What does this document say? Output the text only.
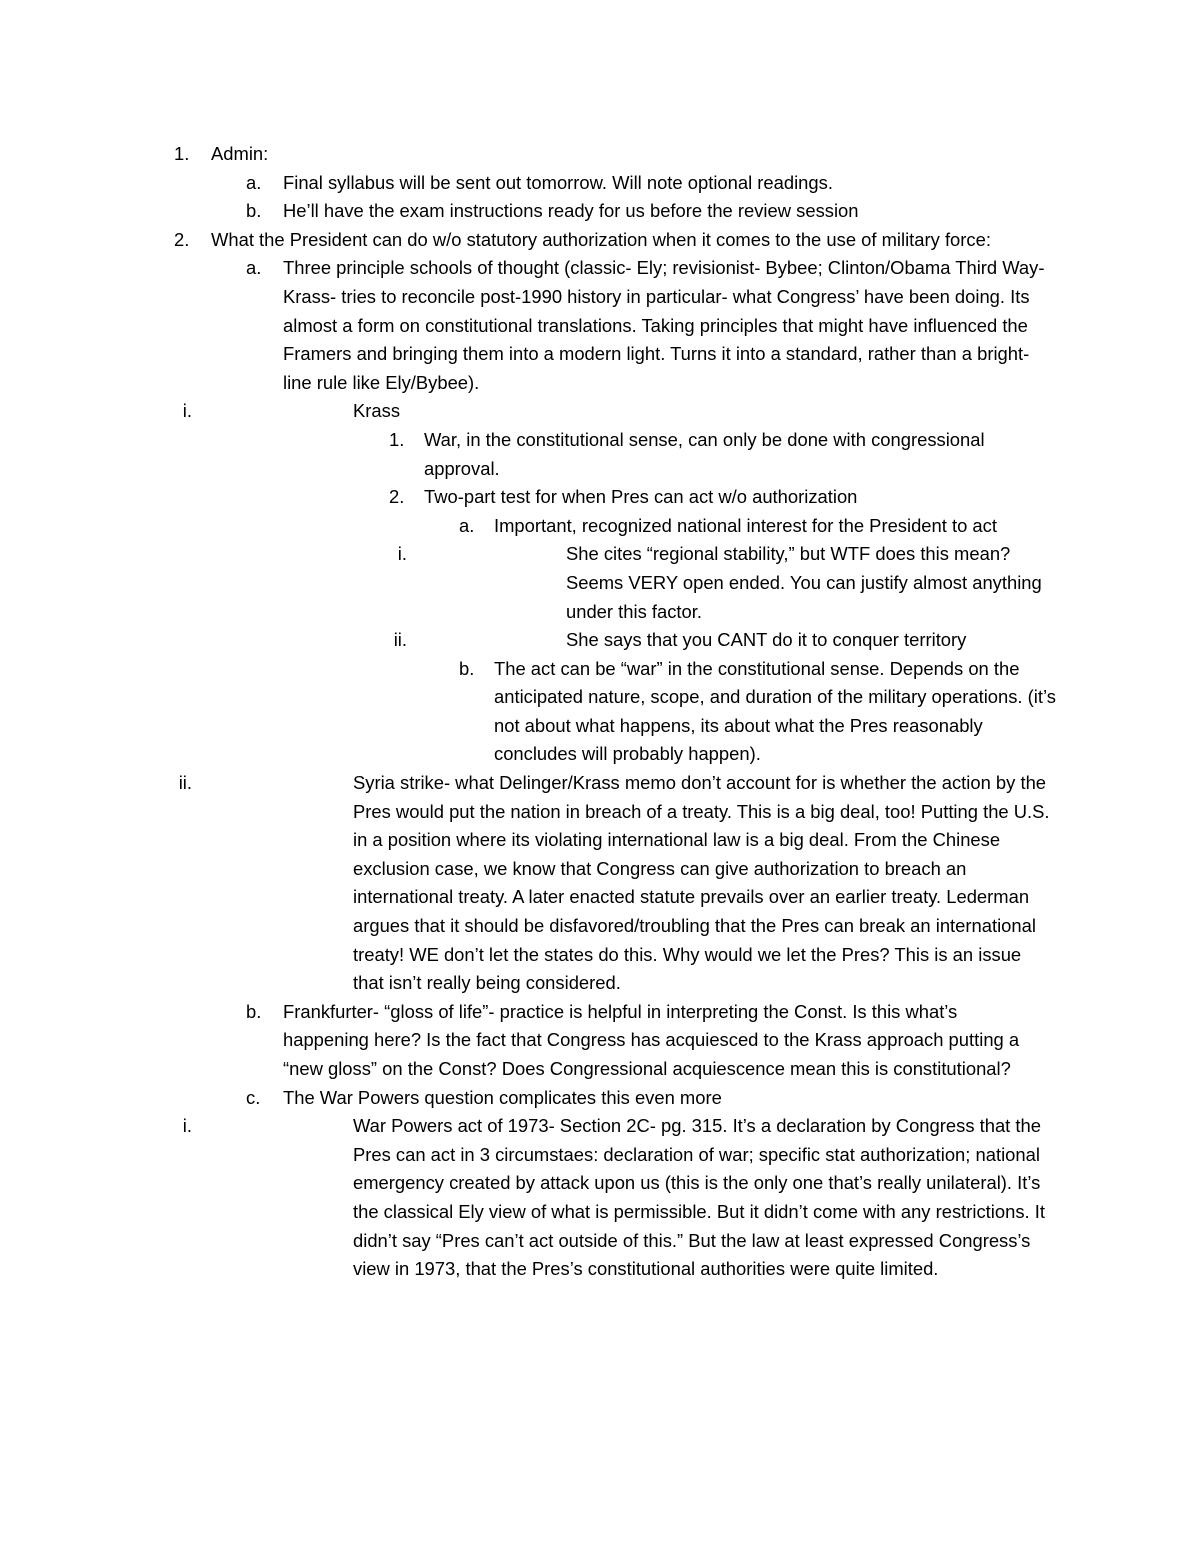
1. Admin:
a. Final syllabus will be sent out tomorrow. Will note optional readings.
b. He’ll have the exam instructions ready for us before the review session
2. What the President can do w/o statutory authorization when it comes to the use of military force:
a. Three principle schools of thought (classic- Ely; revisionist- Bybee; Clinton/Obama Third Way- Krass- tries to reconcile post-1990 history in particular- what Congress’ have been doing. Its almost a form on constitutional translations. Taking principles that might have influenced the Framers and bringing them into a modern light. Turns it into a standard, rather than a bright-line rule like Ely/Bybee).
i.	Krass
1. War, in the constitutional sense, can only be done with congressional approval.
2. Two-part test for when Pres can act w/o authorization
a. Important, recognized national interest for the President to act
i.	She cites “regional stability,” but WTF does this mean? Seems VERY open ended. You can justify almost anything under this factor.
ii.	She says that you CANT do it to conquer territory
b. The act can be “war” in the constitutional sense. Depends on the anticipated nature, scope, and duration of the military operations. (it’s not about what happens, its about what the Pres reasonably concludes will probably happen).
ii.	Syria strike- what Delinger/Krass memo don’t account for is whether the action by the Pres would put the nation in breach of a treaty. This is a big deal, too! Putting the U.S. in a position where its violating international law is a big deal. From the Chinese exclusion case, we know that Congress can give authorization to breach an international treaty. A later enacted statute prevails over an earlier treaty. Lederman argues that it should be disfavored/troubling that the Pres can break an international treaty! WE don’t let the states do this. Why would we let the Pres? This is an issue that isn’t really being considered.
b. Frankfurter- “gloss of life”- practice is helpful in interpreting the Const. Is this what’s happening here? Is the fact that Congress has acquiesced to the Krass approach putting a “new gloss” on the Const? Does Congressional acquiescence mean this is constitutional?
c. The War Powers question complicates this even more
i.	War Powers act of 1973- Section 2C- pg. 315. It’s a declaration by Congress that the Pres can act in 3 circumstaes: declaration of war; specific stat authorization; national emergency created by attack upon us (this is the only one that’s really unilateral). It’s the classical Ely view of what is permissible. But it didn’t come with any restrictions. It didn’t say “Pres can’t act outside of this.” But the law at least expressed Congress’s view in 1973, that the Pres’s constitutional authorities were quite limited.
